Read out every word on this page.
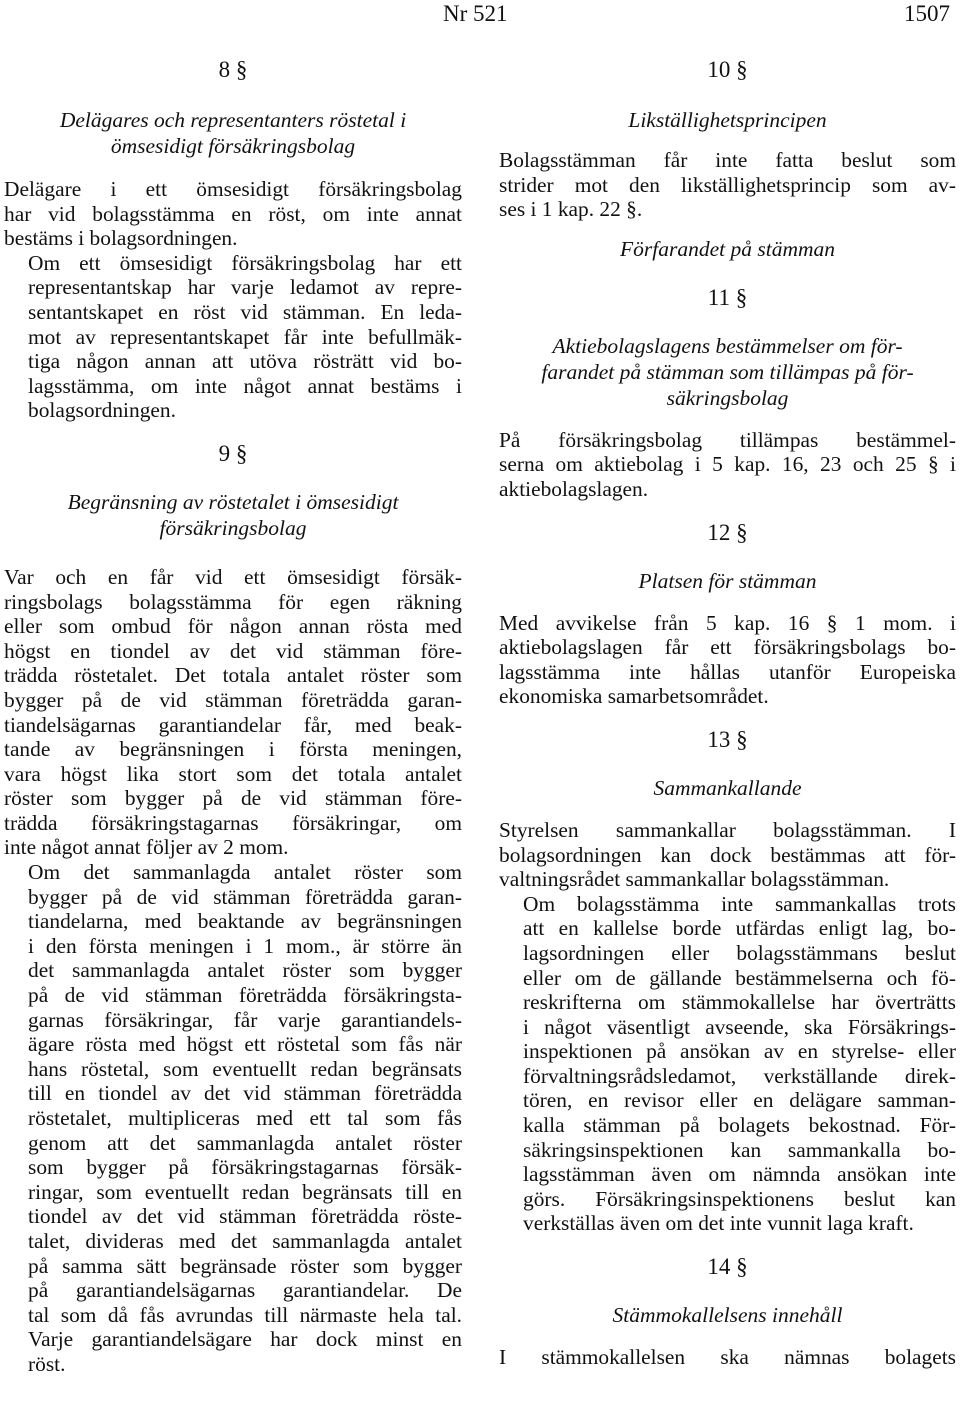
Nr 521	1507

8 §

Delägares och representanters röstetal i
ömsesidigt försäkringsbolag
Delägare i ett ömsesidigt försäkringsbolag
har vid bolagsstämma en röst, om inte annat
bestäms i bolagsordningen.
Om ett ömsesidigt försäkringsbolag har ett
representantskap har varje ledamot av repre-
sentantskapet en röst vid stämman. En leda-
mot av representantskapet får inte befullmäk-
tiga någon annan att utöva rösträtt vid bo-
lagsstämma, om inte något annat bestäms i
bolagsordningen.

9 §

Begränsning av röstetalet i ömsesidigt
försäkringsbolag
Var och en får vid ett ömsesidigt försäk-
ringsbolags bolagsstämma för egen räkning
eller som ombud för någon annan rösta med
högst en tiondel av det vid stämman före-
trädda röstetalet. Det totala antalet röster som
bygger på de vid stämman företrädda garan-
tiandelsägarnas garantiandelar får, med beak-
tande av begränsningen i första meningen,
vara högst lika stort som det totala antalet
röster som bygger på de vid stämman före-
trädda försäkringstagarnas försäkringar, om
inte något annat följer av 2 mom.
Om det sammanlagda antalet röster som
bygger på de vid stämman företrädda garan-
tiandelarna, med beaktande av begränsningen
i den första meningen i 1 mom., är större än
det sammanlagda antalet röster som bygger
på de vid stämman företrädda försäkringsta-
garnas försäkringar, får varje garantiandels-
ägare rösta med högst ett röstetal som fås när
hans röstetal, som eventuellt redan begränsats
till en tiondel av det vid stämman företrädda
röstetalet, multipliceras med ett tal som fås
genom att det sammanlagda antalet röster
som bygger på försäkringstagarnas försäk-
ringar, som eventuellt redan begränsats till en
tiondel av det vid stämman företrädda röste-
talet, divideras med det sammanlagda antalet
på samma sätt begränsade röster som bygger
på garantiandelsägarnas garantiandelar. De
tal som då fås avrundas till närmaste hela tal.
Varje garantiandelsägare har dock minst en
röst.

10 §

Likställighetsprincipen
Bolagsstämman får inte fatta beslut som
strider mot den likställighetsprincip som av-
ses i 1 kap. 22 §.
Förfarandet på stämman

11 §

Aktiebolagslagens bestämmelser om för-
farandet på stämman som tillämpas på för-
säkringsbolag
På försäkringsbolag tillämpas bestämmel-
serna om aktiebolag i 5 kap. 16, 23 och 25 § i
aktiebolagslagen.

12 §

Platsen för stämman
Med avvikelse från 5 kap. 16 § 1 mom. i
aktiebolagslagen får ett försäkringsbolags bo-
lagsstämma inte hållas utanför Europeiska
ekonomiska samarbetsområdet.

13 §

Sammankallande
Styrelsen sammankallar bolagsstämman. I
bolagsordningen kan dock bestämmas att för-
valtningsrådet sammankallar bolagsstämman.
Om bolagsstämma inte sammankallas trots
att en kallelse borde utfärdas enligt lag, bo-
lagsordningen eller bolagsstämmans beslut
eller om de gällande bestämmelserna och fö-
reskrifterna om stämmokallelse har överträtts
i något väsentligt avseende, ska Försäkrings-
inspektionen på ansökan av en styrelse- eller
förvaltningsrådsledamot, verkställande direk-
tören, en revisor eller en delägare samman-
kalla stämman på bolagets bekostnad. För-
säkringsinspektionen kan sammankalla bo-
lagsstämman även om nämnda ansökan inte
görs. Försäkringsinspektionens beslut kan
verkställas även om det inte vunnit laga kraft.

14 §

Stämmokallelsens innehåll
I stämmokallelsen ska nämnas bolagets
